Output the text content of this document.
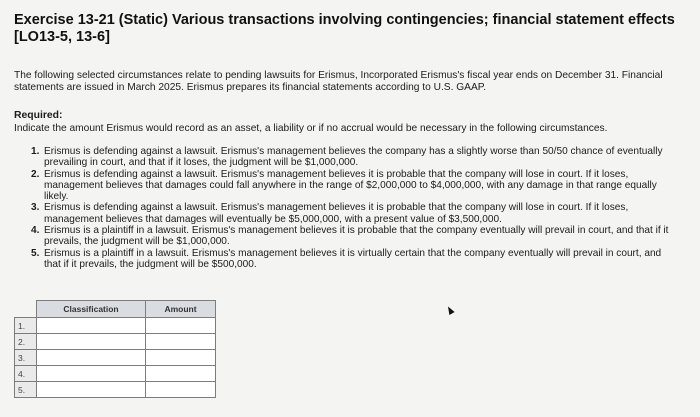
Exercise 13-21 (Static) Various transactions involving contingencies; financial statement effects [LO13-5, 13-6]
The following selected circumstances relate to pending lawsuits for Erismus, Incorporated Erismus's fiscal year ends on December 31. Financial statements are issued in March 2025. Erismus prepares its financial statements according to U.S. GAAP.
Required:
Indicate the amount Erismus would record as an asset, a liability or if no accrual would be necessary in the following circumstances.
1. Erismus is defending against a lawsuit. Erismus's management believes the company has a slightly worse than 50/50 chance of eventually prevailing in court, and that if it loses, the judgment will be $1,000,000.
2. Erismus is defending against a lawsuit. Erismus's management believes it is probable that the company will lose in court. If it loses, management believes that damages could fall anywhere in the range of $2,000,000 to $4,000,000, with any damage in that range equally likely.
3. Erismus is defending against a lawsuit. Erismus's management believes it is probable that the company will lose in court. If it loses, management believes that damages will eventually be $5,000,000, with a present value of $3,500,000.
4. Erismus is a plaintiff in a lawsuit. Erismus's management believes it is probable that the company eventually will prevail in court, and that if it prevails, the judgment will be $1,000,000.
5. Erismus is a plaintiff in a lawsuit. Erismus's management believes it is virtually certain that the company eventually will prevail in court, and that if it prevails, the judgment will be $500,000.
	Classification	Amount
1.		
2.		
3.		
4.		
5.		
